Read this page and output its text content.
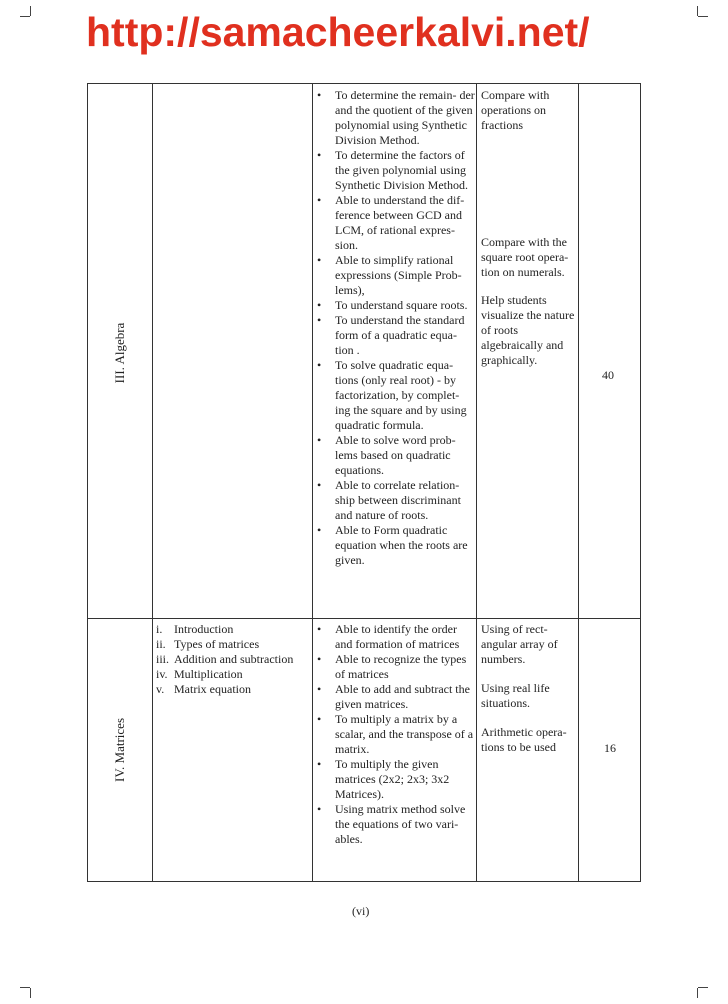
http://samacheerkalvi.net/
III. Algebra
• To determine the remain- der and the quotient of the given polynomial using Synthetic Division Method.
• To determine the factors of the given polynomial using Synthetic Division Method.
• Able to understand the dif- ference between GCD and LCM, of rational expres- sion.
• Able to simplify rational expressions (Simple Prob- lems),
• To understand square roots.
• To understand the standard form of a quadratic equa- tion .
• To solve quadratic equa- tions (only real root) - by factorization, by complet- ing the square and by using quadratic formula.
• Able to solve word prob- lems based on quadratic equations.
• Able to correlate relation- ship between discriminant and nature of roots.
• Able to Form quadratic equation when the roots are given.
Compare with operations on fractions
Compare with the square root opera- tion on numerals.
Help students visualize the nature of roots algebraically and graphically.
40
IV. Matrices
i. Introduction
ii. Types of matrices
iii. Addition and subtraction
iv. Multiplication
v. Matrix equation
• Able to identify the order and formation of matrices
• Able to recognize the types of matrices
• Able to add and subtract the given matrices.
• To multiply a matrix by a scalar, and the transpose of a matrix.
• To multiply the given matrices (2x2; 2x3; 3x2 Matrices).
• Using matrix method solve the equations of two vari- ables.
Using of rect- angular array of numbers.
Using real life situations.
Arithmetic opera- tions to be used	16
(vi)
